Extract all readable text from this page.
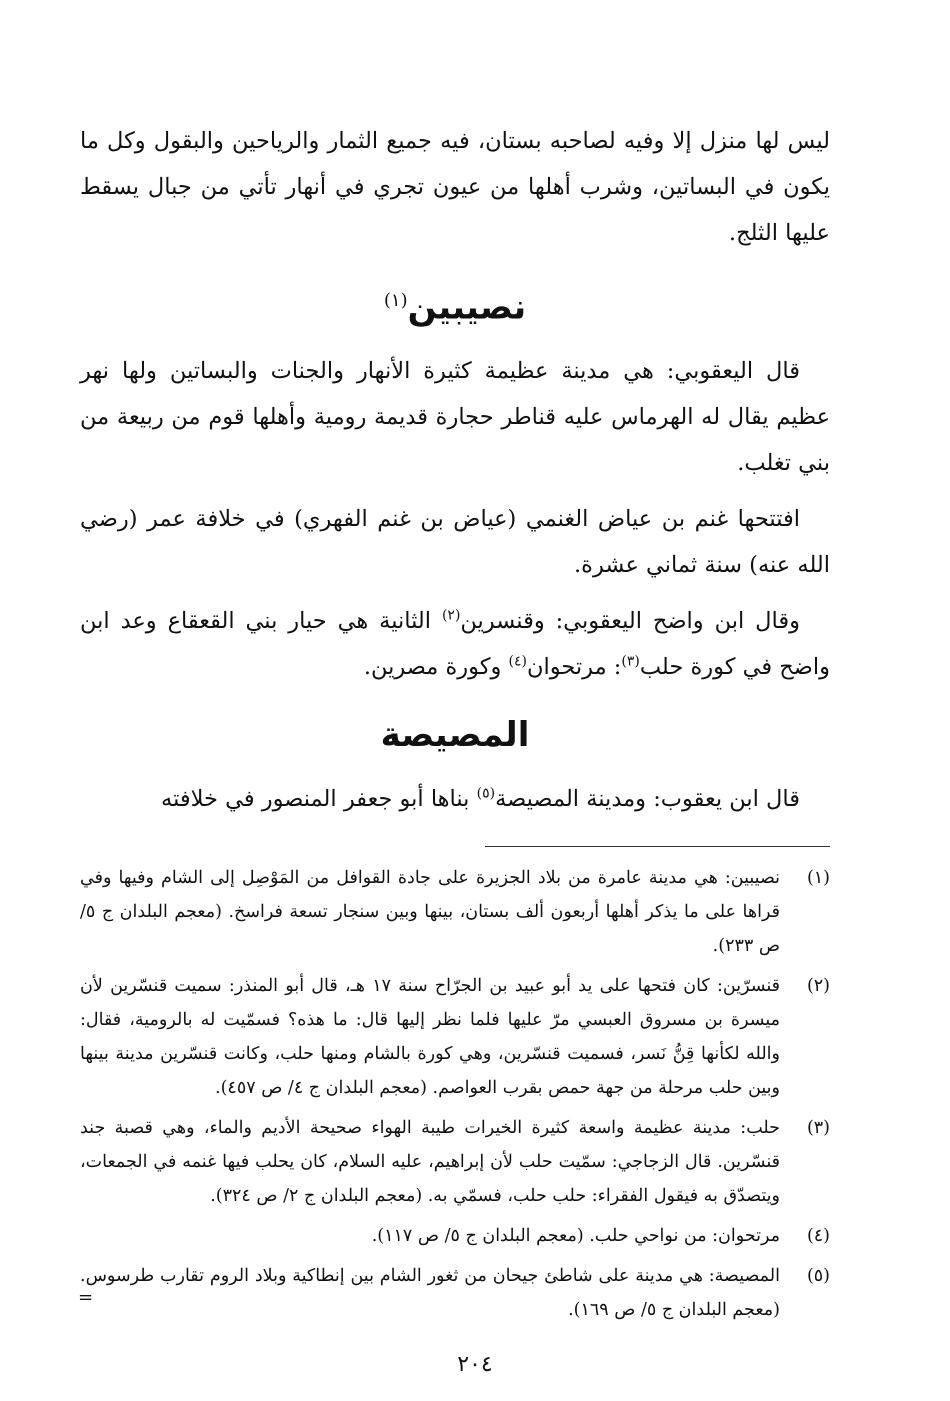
ليس لها منزل إلا وفيه لصاحبه بستان، فيه جميع الثمار والرياحين والبقول وكل ما يكون في البساتين، وشرب أهلها من عيون تجري في أنهار تأتي من جبال يسقط عليها الثلج.

نصيبين$^{(١)}$

قال اليعقوبي: هي مدينة عظيمة كثيرة الأنهار والجنات والبساتين ولها نهر عظيم يقال له الهرماس عليه قناطر حجارة قديمة رومية وأهلها قوم من ربيعة من بني تغلب.

افتتحها غنم بن عياض الغنمي (عياض بن غنم الفهري) في خلافة عمر (رضي الله عنه) سنة ثماني عشرة.

وقال ابن واضح اليعقوبي: وقنسرين$^{(٢)}$ الثانية هي حيار بني القعقاع وعد ابن واضح في كورة حلب$^{(٣)}$: مرتحوان$^{(٤)}$ وكورة مصرين.

المصيصة

قال ابن يعقوب: ومدينة المصيصة$^{(٥)}$ بناها أبو جعفر المنصور في خلافته

(١)
نصيبين: هي مدينة عامرة من بلاد الجزيرة على جادة القوافل من المَوْصِل إلى الشام وفيها وفي قراها على ما يذكر أهلها أربعون ألف بستان، بينها وبين سنجار تسعة فراسخ. (معجم البلدان ج ٥/ ص ٢٣٣).
(٢)
قنسرّين: كان فتحها على يد أبو عبيد بن الجرّاح سنة ١٧ هـ، قال أبو المنذر: سميت قنسّرين لأن ميسرة بن مسروق العبسي مرّ عليها فلما نظر إليها قال: ما هذه؟ فسمّيت له بالرومية، فقال: والله لكأنها قِنُّ نَسر، فسميت قنسّرين، وهي كورة بالشام ومنها حلب، وكانت قنسّرين مدينة بينها وبين حلب مرحلة من جهة حمص بقرب العواصم. (معجم البلدان ج ٤/ ص ٤٥٧).
(٣)
حلب: مدينة عظيمة واسعة كثيرة الخيرات طيبة الهواء صحيحة الأديم والماء، وهي قصبة جند قنسّرين. قال الزجاجي: سمّيت حلب لأن إبراهيم، عليه السلام، كان يحلب فيها غنمه في الجمعات، ويتصدّق به فيقول الفقراء: حلب حلب، فسمّي به. (معجم البلدان ج ٢/ ص ٣٢٤).
(٤)
مرتحوان: من نواحي حلب. (معجم البلدان ج ٥/ ص ١١٧).
(٥)
المصيصة: هي مدينة على شاطئ جيحان من ثغور الشام بين إنطاكية وبلاد الروم تقارب طرسوس. (معجم البلدان ج ٥/ ص ١٦٩).
=
٢٠٤
